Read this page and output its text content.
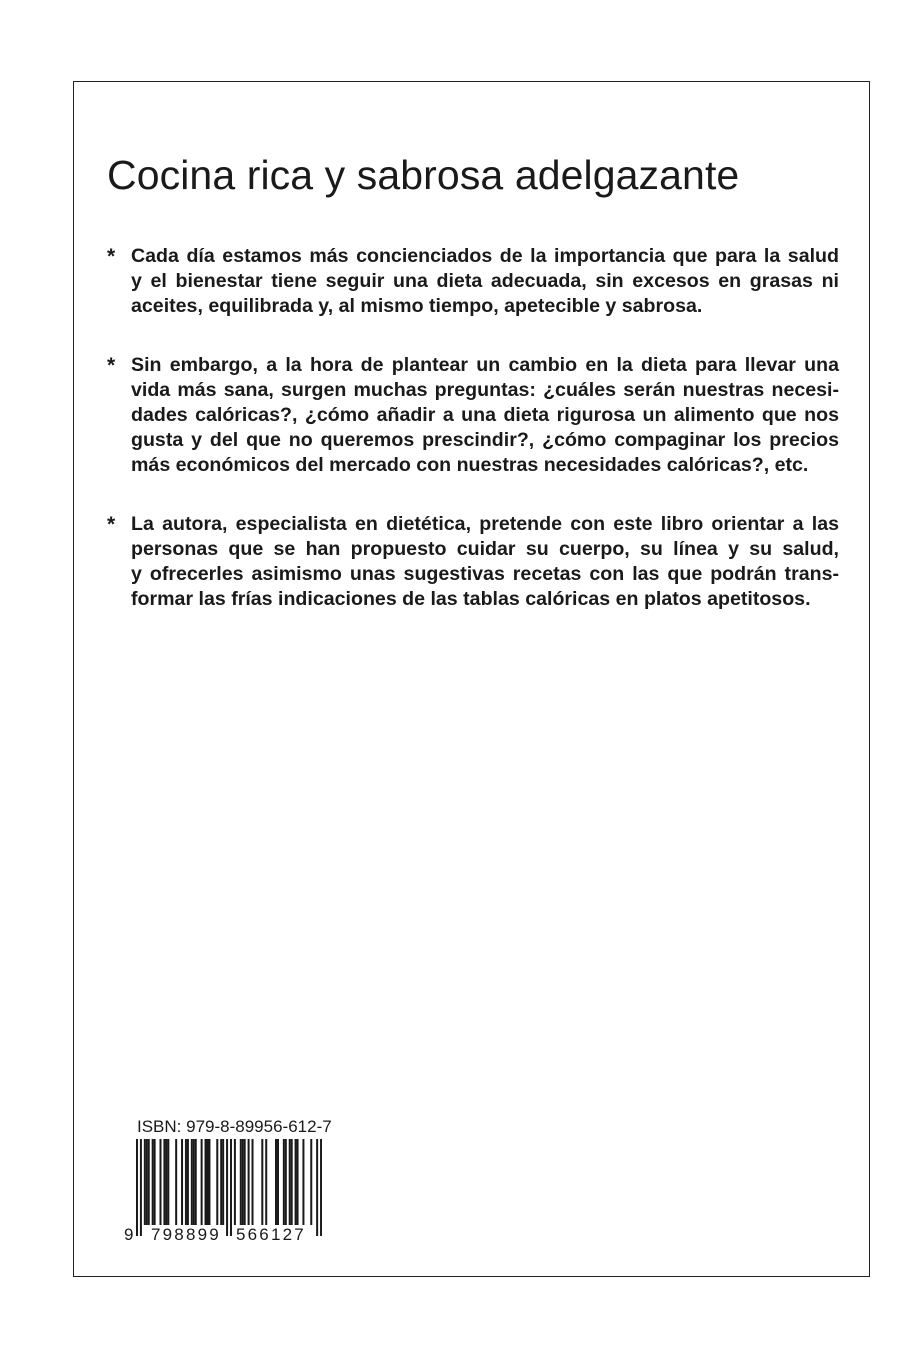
Cocina rica y sabrosa adelgazante
* Cada día estamos más concienciados de la importancia que para la salud
y el bienestar tiene seguir una dieta adecuada, sin excesos en grasas ni
aceites, equilibrada y, al mismo tiempo, apetecible y sabrosa.
* Sin embargo, a la hora de plantear un cambio en la dieta para llevar una
vida más sana, surgen muchas preguntas: ¿cuáles serán nuestras necesi-
dades calóricas?, ¿cómo añadir a una dieta rigurosa un alimento que nos
gusta y del que no queremos prescindir?, ¿cómo compaginar los precios
más económicos del mercado con nuestras necesidades calóricas?, etc.
* La autora, especialista en dietética, pretende con este libro orientar a las
personas que se han propuesto cuidar su cuerpo, su línea y su salud,
y ofrecerles asimismo unas sugestivas recetas con las que podrán trans-
formar las frías indicaciones de las tablas calóricas en platos apetitosos.
ISBN: 979-8-89956-612-7
9 798899 566127
